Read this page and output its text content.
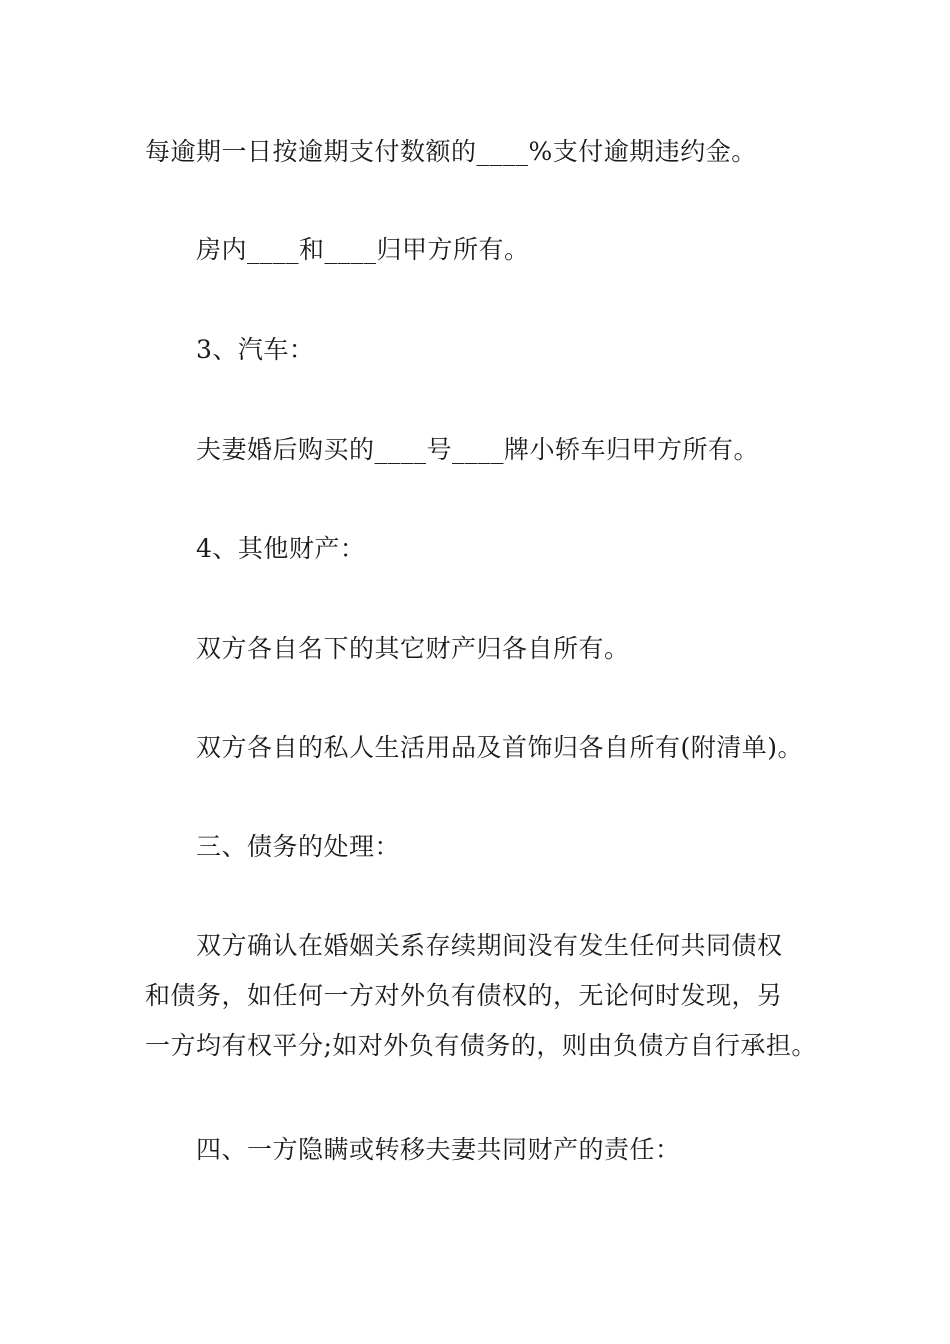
每逾期一日按逾期支付数额的____%支付逾期违约金。
房内____和____归甲方所有。
3、汽车：
夫妻婚后购买的____号____牌小轿车归甲方所有。
4、其他财产：
双方各自名下的其它财产归各自所有。
双方各自的私人生活用品及首饰归各自所有(附清单)。
三、债务的处理：
双方确认在婚姻关系存续期间没有发生任何共同债权
和债务，如任何一方对外负有债权的，无论何时发现，另
一方均有权平分;如对外负有债务的，则由负债方自行承担。
四、一方隐瞒或转移夫妻共同财产的责任：
